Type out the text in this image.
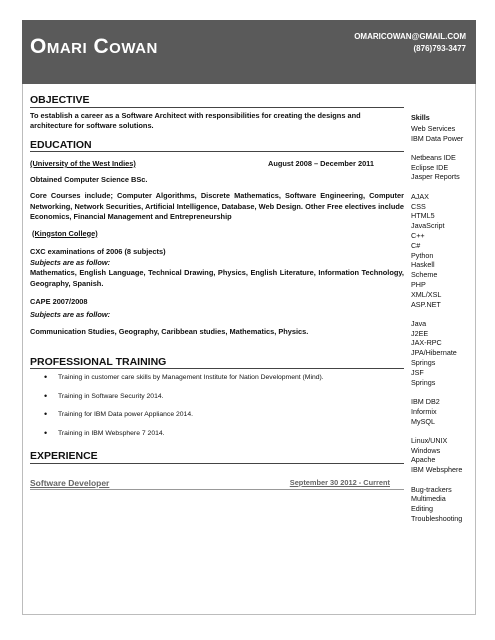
Omari Cowan	OMARICOWAN@GMAIL.COM
(876)793-3477
OBJECTIVE
To establish a career as a Software Architect with responsibilities for creating the designs and architecture for software solutions.
EDUCATION
(University of the West Indies)	August 2008 – December 2011
Obtained Computer Science BSc.
Core Courses include; Computer Algorithms, Discrete Mathematics, Software Engineering, Computer Networking, Network Securities, Artificial Intelligence, Database, Web Design. Other Free electives include Economics, Financial Management and Entrepreneurship
(Kingston College)
CXC examinations of 2006 (8 subjects)
Subjects are as follow:
Mathematics, English Language, Technical Drawing, Physics, English Literature, Information Technology, Geography, Spanish.
CAPE 2007/2008
Subjects are as follow:
Communication Studies, Geography, Caribbean studies, Mathematics, Physics.
PROFESSIONAL TRAINING
• Training in customer care skills by Management Institute for Nation Development (Mind).
• Training in Software Security 2014.
• Training for IBM Data power Appliance 2014.
• Training in IBM Websphere 7 2014.
EXPERIENCE
Software Developer	September 30 2012 - Current
Skills
Web Services
IBM Data Power
Netbeans IDE
Eclipse IDE
Jasper Reports
AJAX
CSS
HTML5
JavaScript
C++
C#
Python
Haskell
Scheme
PHP
XML/XSL
ASP.NET
Java
J2EE
JAX-RPC
JPA/Hibernate
Springs
JSF
Springs
IBM DB2
Informix
MySQL
Linux/UNIX
Windows
Apache
IBM Websphere
Bug-trackers
Multimedia
Editing
Troubleshooting
